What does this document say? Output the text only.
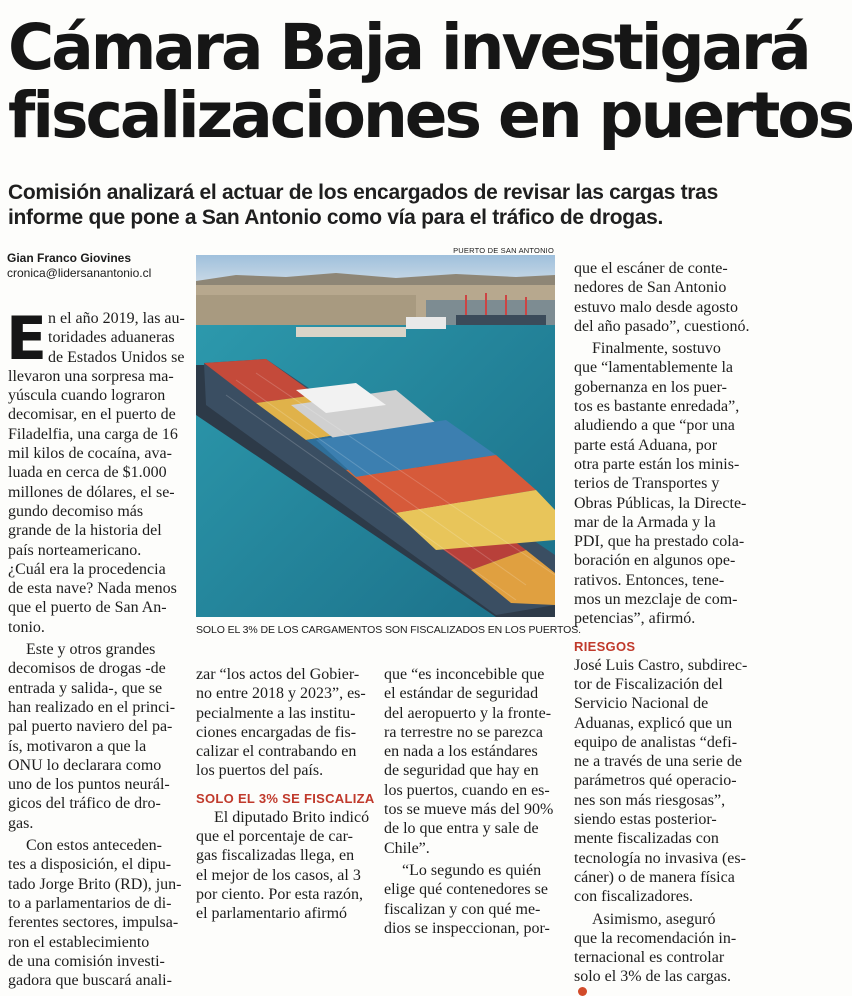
Cámara Baja investigará
fiscalizaciones en puertos
Comisión analizará el actuar de los encargados de revisar las cargas tras
informe que pone a San Antonio como vía para el tráfico de drogas.
Gian Franco Giovines
cronica@lidersanantonio.cl
PUERTO DE SAN ANTONIO
SOLO EL 3% DE LOS CARGAMENTOS SON FISCALIZADOS EN LOS PUERTOS.
E n el año 2019, las au-
toridades aduaneras
de Estados Unidos se
llevaron una sorpresa ma-
yúscula cuando lograron
decomisar, en el puerto de
Filadelfia, una carga de 16
mil kilos de cocaína, ava-
luada en cerca de $1.000
millones de dólares, el se-
gundo decomiso más
grande de la historia del
país norteamericano.
¿Cuál era la procedencia
de esta nave? Nada menos
que el puerto de San An-
tonio.
Este y otros grandes
decomisos de drogas -de
entrada y salida-, que se
han realizado en el princi-
pal puerto naviero del pa-
ís, motivaron a que la
ONU lo declarara como
uno de los puntos neurál-
gicos del tráfico de dro-
gas.
Con estos anteceden-
tes a disposición, el dipu-
tado Jorge Brito (RD), jun-
to a parlamentarios de di-
ferentes sectores, impulsa-
ron el establecimiento
de una comisión investi-
gadora que buscará anali-
zar “los actos del Gobier-
no entre 2018 y 2023”, es-
pecialmente a las institu-
ciones encargadas de fis-
calizar el contrabando en
los puertos del país.
SOLO EL 3% SE FISCALIZA
El diputado Brito indicó
que el porcentaje de car-
gas fiscalizadas llega, en
el mejor de los casos, al 3
por ciento. Por esta razón,
el parlamentario afirmó
que “es inconcebible que
el estándar de seguridad
del aeropuerto y la fronte-
ra terrestre no se parezca
en nada a los estándares
de seguridad que hay en
los puertos, cuando en es-
tos se mueve más del 90%
de lo que entra y sale de
Chile”.
“Lo segundo es quién
elige qué contenedores se
fiscalizan y con qué me-
dios se inspeccionan, por-
que el escáner de conte-
nedores de San Antonio
estuvo malo desde agosto
del año pasado”, cuestionó.
Finalmente, sostuvo
que “lamentablemente la
gobernanza en los puer-
tos es bastante enredada”,
aludiendo a que “por una
parte está Aduana, por
otra parte están los minis-
terios de Transportes y
Obras Públicas, la Directe-
mar de la Armada y la
PDI, que ha prestado cola-
boración en algunos ope-
rativos. Entonces, tene-
mos un mezclaje de com-
petencias”, afirmó.
RIESGOS
José Luis Castro, subdirec-
tor de Fiscalización del
Servicio Nacional de
Aduanas, explicó que un
equipo de analistas “defi-
ne a través de una serie de
parámetros qué operacio-
nes son más riesgosas”,
siendo estas posterior-
mente fiscalizadas con
tecnología no invasiva (es-
cáner) o de manera física
con fiscalizadores.
Asimismo, aseguró
que la recomendación in-
ternacional es controlar
solo el 3% de las cargas.
